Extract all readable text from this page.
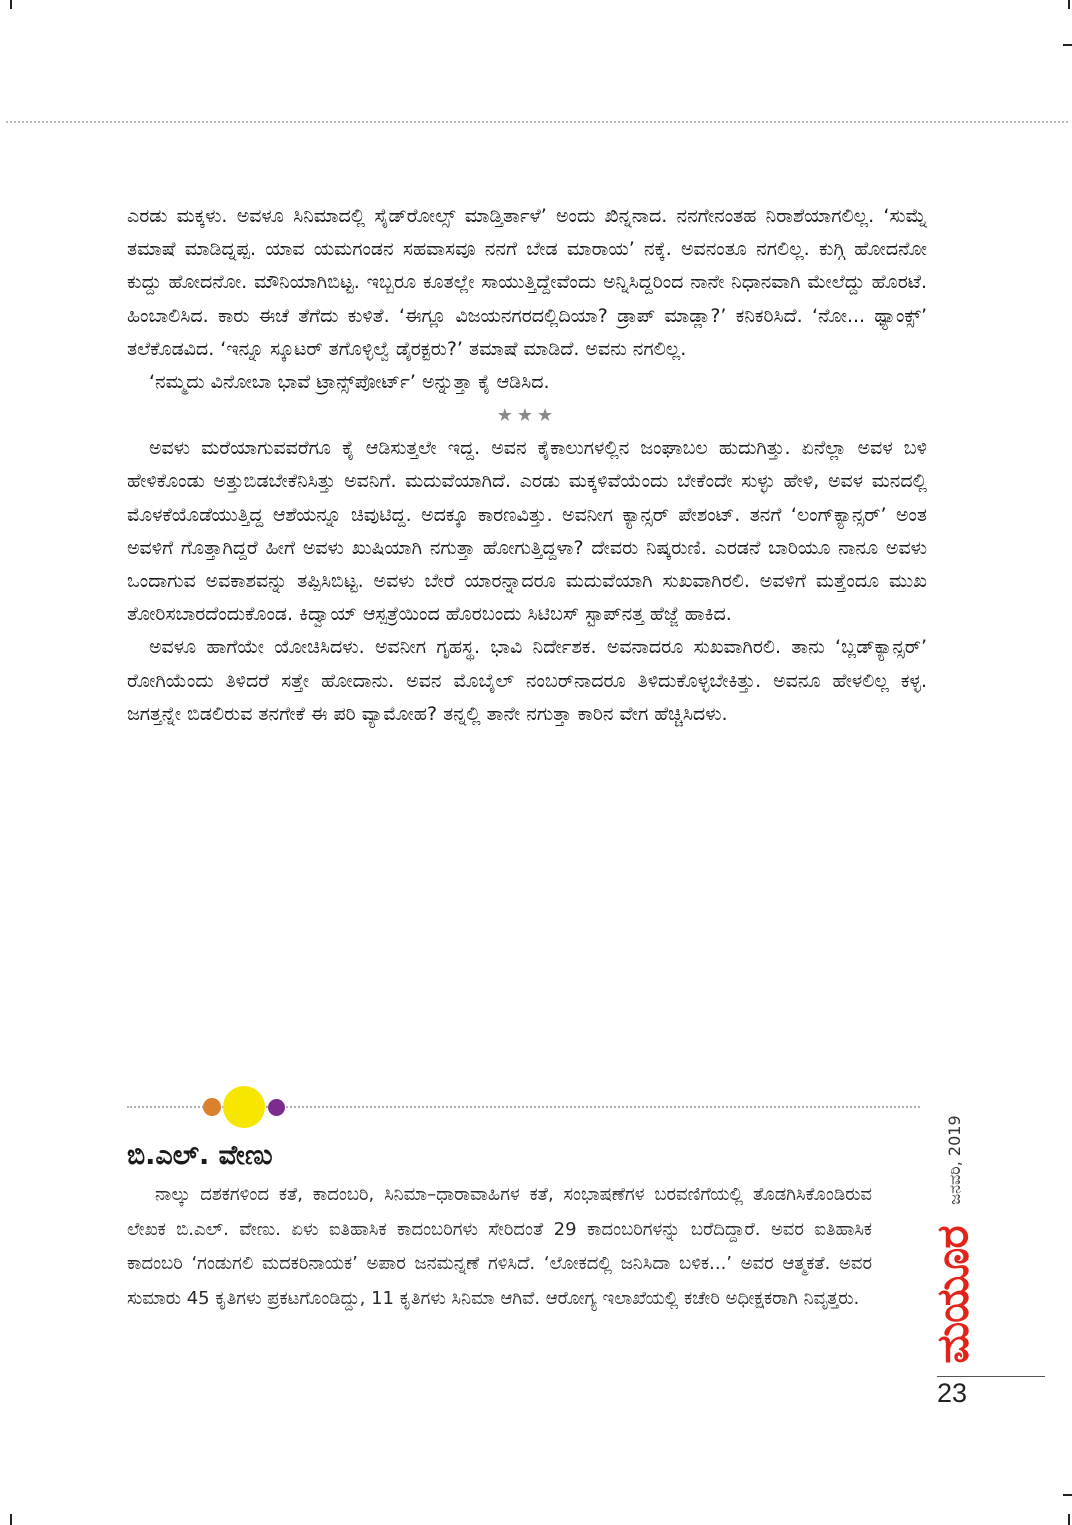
ಎರಡು ಮಕ್ಕಳು. ಅವಳೂ ಸಿನಿಮಾದಲ್ಲಿ ಸೈಡ್‌ರೋಲ್ಸ್ ಮಾಡ್ತಿರ್ತಾಳೆ’ ಅಂದು ಖಿನ್ನನಾದ. ನನಗೇನಂತಹ ನಿರಾಶೆಯಾಗಲಿಲ್ಲ. ‘ಸುಮ್ನೆ ತಮಾಷೆ ಮಾಡಿದ್ನಪ್ಪ. ಯಾವ ಯಮಗಂಡನ ಸಹವಾಸವೂ ನನಗೆ ಬೇಡ ಮಾರಾಯ’ ನಕ್ಕೆ. ಅವನಂತೂ ನಗಲಿಲ್ಲ. ಕುಗ್ಗಿ ಹೋದನೋ ಕುದ್ದು ಹೋದನೋ. ಮೌನಿಯಾಗಿಬಿಟ್ಟ. ಇಬ್ಬರೂ ಕೂತಲ್ಲೇ ಸಾಯುತ್ತಿದ್ದೇವೆಂದು ಅನ್ನಿಸಿದ್ದರಿಂದ ನಾನೇ ನಿಧಾನವಾಗಿ ಮೇಲೆದ್ದು ಹೊರಟೆ. ಹಿಂಬಾಲಿಸಿದ. ಕಾರು ಈಚೆ ತೆಗೆದು ಕುಳಿತೆ. ‘ಈಗ್ಲೂ ವಿಜಯನಗರದಲ್ಲಿದಿಯಾ? ಡ್ರಾಪ್ ಮಾಡ್ಲಾ?’ ಕನಿಕರಿಸಿದೆ. ‘ನೋ... ಥ್ಯಾಂಕ್ಸ್’ ತಲೆಕೊಡವಿದ. ‘ಇನ್ನೂ ಸ್ಕೂಟರ್ ತಗೊಳ್ಳಿಲ್ವೆ ಡೈರಕ್ಟರು?’ ತಮಾಷೆ ಮಾಡಿದೆ. ಅವನು ನಗಲಿಲ್ಲ.

‘ನಮ್ಮದು ವಿನೋಬಾ ಭಾವೆ ಟ್ರಾನ್ಸ್‌ಪೋರ್ಟ್’ ಅನ್ನುತ್ತಾ ಕೈ ಆಡಿಸಿದ.

★★★

ಅವಳು ಮರೆಯಾಗುವವರೆಗೂ ಕೈ ಆಡಿಸುತ್ತಲೇ ಇದ್ದ. ಅವನ ಕೈಕಾಲುಗಳಲ್ಲಿನ ಜಂಘಾಬಲ ಹುದುಗಿತ್ತು. ಏನೆಲ್ಲಾ ಅವಳ ಬಳಿ ಹೇಳಿಕೊಂಡು ಅತ್ತುಬಿಡಬೇಕೆನಿಸಿತ್ತು ಅವನಿಗೆ. ಮದುವೆಯಾಗಿದೆ. ಎರಡು ಮಕ್ಕಳಿವೆಯೆಂದು ಬೇಕೆಂದೇ ಸುಳ್ಳು ಹೇಳಿ, ಅವಳ ಮನದಲ್ಲಿ ಮೊಳಕೆಯೊಡೆಯುತ್ತಿದ್ದ ಆಶೆಯನ್ನೂ ಚಿವುಟಿದ್ದ. ಅದಕ್ಕೂ ಕಾರಣವಿತ್ತು. ಅವನೀಗ ಕ್ಯಾನ್ಸರ್ ಪೇಶಂಟ್. ತನಗೆ ‘ಲಂಗ್‌ಕ್ಯಾನ್ಸರ್’ ಅಂತ ಅವಳಿಗೆ ಗೊತ್ತಾಗಿದ್ದರೆ ಹೀಗೆ ಅವಳು ಖುಷಿಯಾಗಿ ನಗುತ್ತಾ ಹೋಗುತ್ತಿದ್ದಳಾ? ದೇವರು ನಿಷ್ಕರುಣಿ. ಎರಡನೆ ಬಾರಿಯೂ ನಾನೂ ಅವಳು ಒಂದಾಗುವ ಅವಕಾಶವನ್ನು ತಪ್ಪಿಸಿಬಿಟ್ಟ. ಅವಳು ಬೇರೆ ಯಾರನ್ನಾದರೂ ಮದುವೆಯಾಗಿ ಸುಖವಾಗಿರಲಿ. ಅವಳಿಗೆ ಮತ್ತೆಂದೂ ಮುಖ ತೋರಿಸಬಾರದೆಂದುಕೊಂಡ. ಕಿದ್ವಾಯ್ ಆಸ್ಪತ್ರೆಯಿಂದ ಹೊರಬಂದು ಸಿಟಿಬಸ್ ಸ್ಟಾಪ್‌ನತ್ತ ಹೆಜ್ಜೆ ಹಾಕಿದ.

ಅವಳೂ ಹಾಗೆಯೇ ಯೋಚಿಸಿದಳು. ಅವನೀಗ ಗೃಹಸ್ಥ. ಭಾವಿ ನಿರ್ದೇಶಕ. ಅವನಾದರೂ ಸುಖವಾಗಿರಲಿ. ತಾನು ‘ಬ್ಲಡ್‌ಕ್ಯಾನ್ಸರ್’ ರೋಗಿಯೆಂದು ತಿಳಿದರೆ ಸತ್ತೇ ಹೋದಾನು. ಅವನ ಮೊಬೈಲ್ ನಂಬರ್‌ನಾದರೂ ತಿಳಿದುಕೊಳ್ಳಬೇಕಿತ್ತು. ಅವನೂ ಹೇಳಲಿಲ್ಲ ಕಳ್ಳ. ಜಗತ್ತನ್ನೇ ಬಿಡಲಿರುವ ತನಗೇಕೆ ಈ ಪರಿ ವ್ಯಾಮೋಹ? ತನ್ನಲ್ಲಿ ತಾನೇ ನಗುತ್ತಾ ಕಾರಿನ ವೇಗ ಹೆಚ್ಚಿಸಿದಳು.

ಬಿ.ಎಲ್. ವೇಣು

ನಾಲ್ಕು ದಶಕಗಳಿಂದ ಕತೆ, ಕಾದಂಬರಿ, ಸಿನಿಮಾ–ಧಾರಾವಾಹಿಗಳ ಕತೆ, ಸಂಭಾಷಣೆಗಳ ಬರವಣಿಗೆಯಲ್ಲಿ ತೊಡಗಿಸಿಕೊಂಡಿರುವ ಲೇಖಕ ಬಿ.ಎಲ್. ವೇಣು. ಏಳು ಐತಿಹಾಸಿಕ ಕಾದಂಬರಿಗಳು ಸೇರಿದಂತೆ 29 ಕಾದಂಬರಿಗಳನ್ನು ಬರೆದಿದ್ದಾರೆ. ಅವರ ಐತಿಹಾಸಿಕ ಕಾದಂಬರಿ ‘ಗಂಡುಗಲಿ ಮದಕರಿನಾಯಕ’ ಅಪಾರ ಜನಮನ್ನಣೆ ಗಳಿಸಿದೆ. ‘ಲೋಕದಲ್ಲಿ ಜನಿಸಿದಾ ಬಳಿಕ...’ ಅವರ ಆತ್ಮಕತೆ. ಅವರ ಸುಮಾರು 45 ಕೃತಿಗಳು ಪ್ರಕಟಗೊಂಡಿದ್ದು, 11 ಕೃತಿಗಳು ಸಿನಿಮಾ ಆಗಿವೆ. ಆರೋಗ್ಯ ಇಲಾಖೆಯಲ್ಲಿ ಕಚೇರಿ ಅಧೀಕ್ಷಕರಾಗಿ ನಿವೃತ್ತರು.

ಜನವರಿ, 2019
ಮಯೂರ
23
